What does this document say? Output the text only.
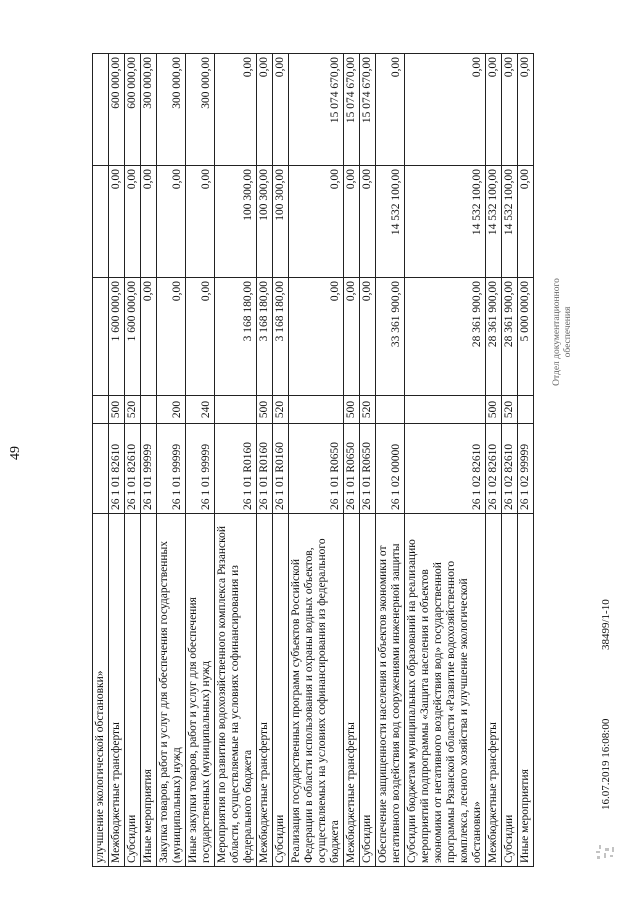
49
улучшение экологической обстановки»					
Межбюджетные трансферты	26 1 01 82610	500	1 600 000,00	0,00	600 000,00
Субсидии	26 1 01 82610	520	1 600 000,00	0,00	600 000,00
Иные мероприятия	26 1 01 99999		0,00	0,00	300 000,00
Закупка товаров, работ и услуг для обеспечения государственных (муниципальных) нужд	26 1 01 99999	200	0,00	0,00	300 000,00
Иные закупки товаров, работ и услуг для обеспечения государственных (муниципальных) нужд	26 1 01 99999	240	0,00	0,00	300 000,00
Мероприятия по развитию водохозяйственного комплекса Рязанской области, осуществляемые на условиях софинансирования из федерального бюджета	26 1 01 R0160		3 168 180,00	100 300,00	0,00
Межбюджетные трансферты	26 1 01 R0160	500	3 168 180,00	100 300,00	0,00
Субсидии	26 1 01 R0160	520	3 168 180,00	100 300,00	0,00
Реализация государственных программ субъектов Российской Федерации в области использования и охраны водных объектов, осуществляемых на условиях софинансирования из федерального бюджета	26 1 01 R0650		0,00	0,00	15 074 670,00
Межбюджетные трансферты	26 1 01 R0650	500	0,00	0,00	15 074 670,00
Субсидии	26 1 01 R0650	520	0,00	0,00	15 074 670,00
Обеспечение защищенности населения и объектов экономики от негативного воздействия вод сооружениями инженерной защиты	26 1 02 00000		33 361 900,00	14 532 100,00	0,00
Субсидии бюджетам муниципальных образований на реализацию мероприятий подпрограммы «Защита населения и объектов экономики от негативного воздействия вод» государственной программы Рязанской области «Развитие водохозяйственного комплекса, лесного хозяйства и улучшение экологической обстановки»	26 1 02 82610		28 361 900,00	14 532 100,00	0,00
Межбюджетные трансферты	26 1 02 82610	500	28 361 900,00	14 532 100,00	0,00
Субсидии	26 1 02 82610	520	28 361 900,00	14 532 100,00	0,00
Иные мероприятия	26 1 02 99999		5 000 000,00	0,00	0,00
16.07.2019 16:08:00
38499/1-10
Отдел документационного обеспечения
